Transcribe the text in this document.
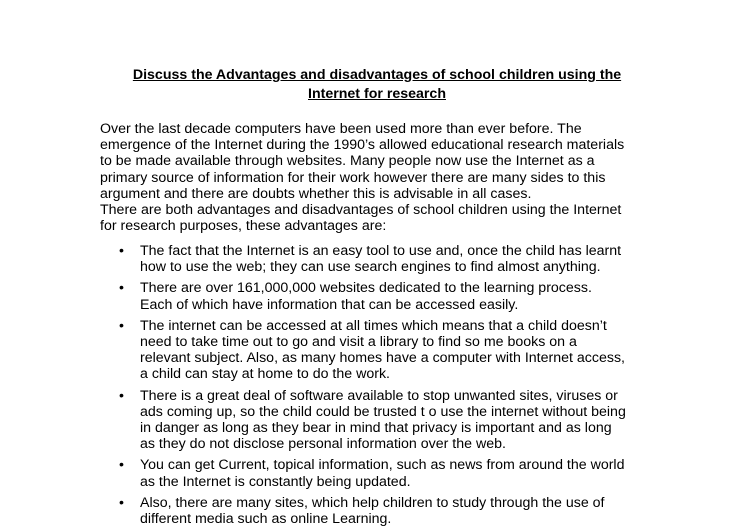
Discuss the Advantages and disadvantages of school children using the
Internet for research
Over the last decade computers have been used more than ever before. The
emergence of the Internet during the 1990’s allowed educational research materials
to be made available through websites. Many people now use the Internet as a
primary source of information for their work however there are many sides to this
argument and there are doubts whether this is advisable in all cases.
There are both advantages and disadvantages of school children using the Internet
for research purposes, these advantages are:
• The fact that the Internet is an easy tool to use and, once the child has learnt
how to use the web; they can use search engines to find almost anything.
• There are over 161,000,000 websites dedicated to the learning process.
Each of which have information that can be accessed easily.
• The internet can be accessed at all times which means that a child doesn’t
need to take time out to go and visit a library to find so me books on a
relevant subject. Also, as many homes have a computer with Internet access,
a child can stay at home to do the work.
• There is a great deal of software available to stop unwanted sites, viruses or
ads coming up, so the child could be trusted t o use the internet without being
in danger as long as they bear in mind that privacy is important and as long
as they do not disclose personal information over the web.
• You can get Current, topical information, such as news from around the world
as the Internet is constantly being updated.
• Also, there are many sites, which help children to study through the use of
different media such as online Learning.
